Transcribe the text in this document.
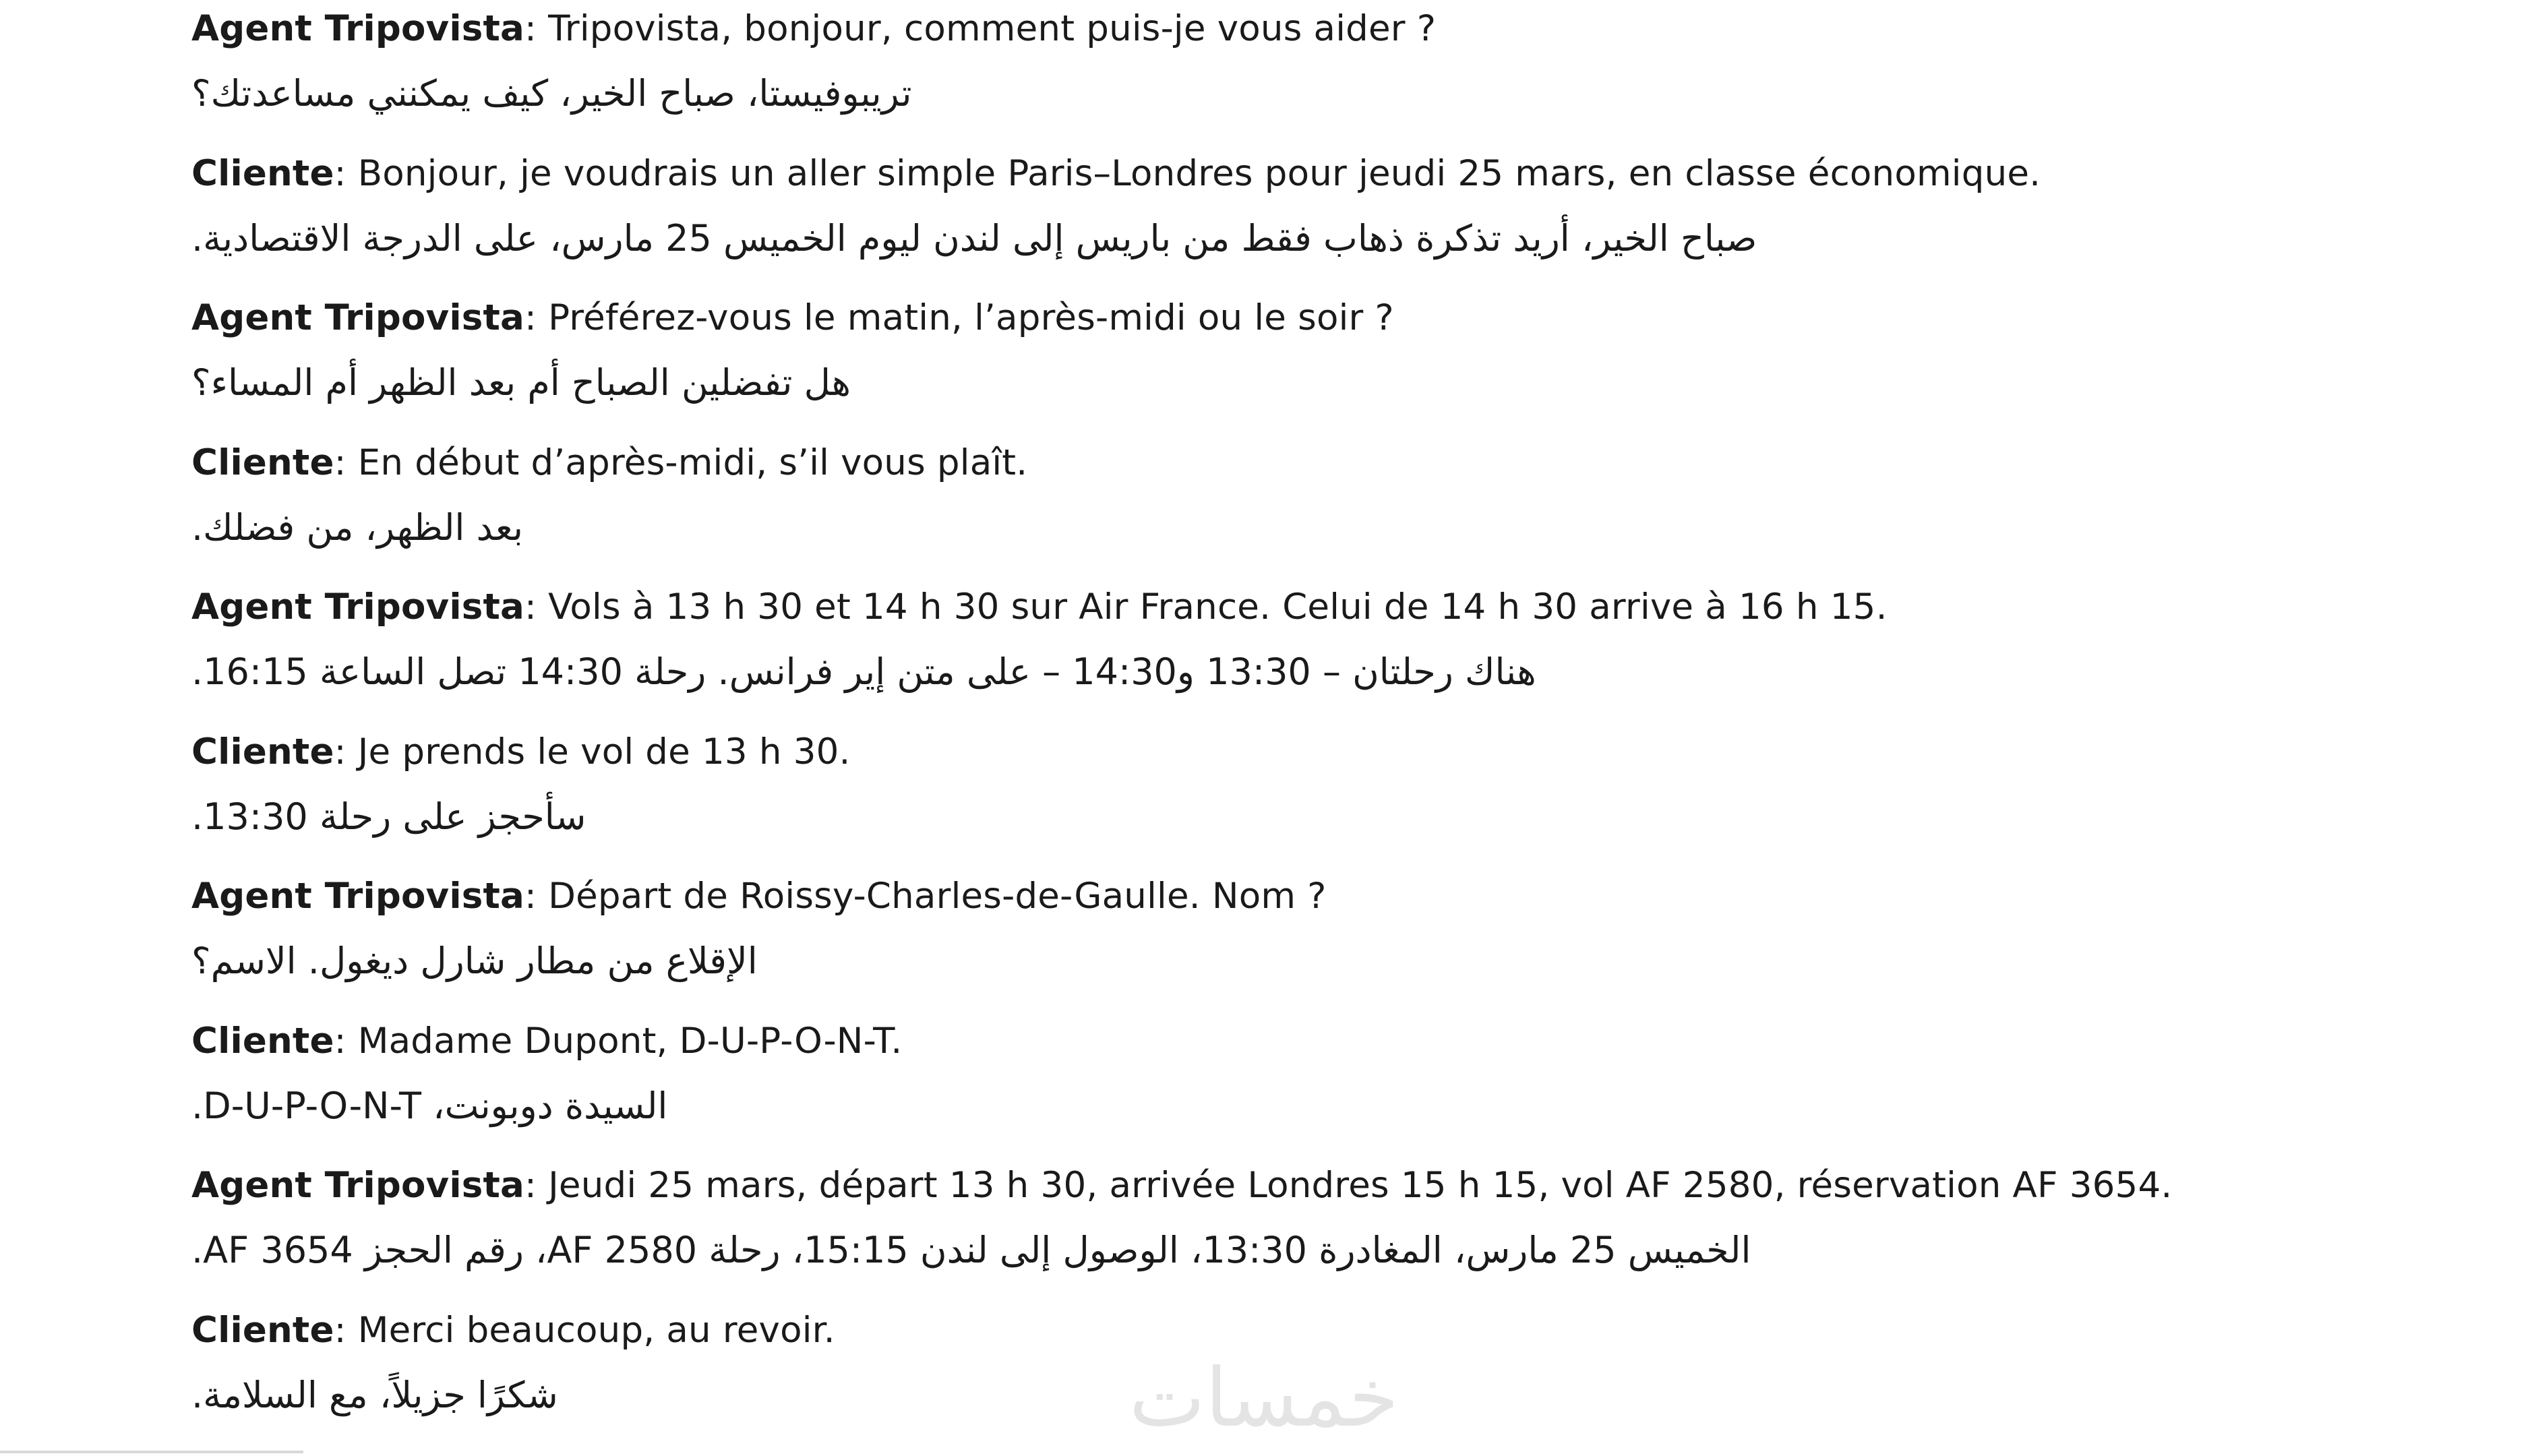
Agent Tripovista: Tripovista, bonjour, comment puis-je vous aider ?
تريبوفيستا، صباح الخير، كيف يمكنني مساعدتك؟
Cliente: Bonjour, je voudrais un aller simple Paris–Londres pour jeudi 25 mars, en classe économique.
صباح الخير، أريد تذكرة ذهاب فقط من باريس إلى لندن ليوم الخميس 25 مارس، على الدرجة الاقتصادية.
Agent Tripovista: Préférez-vous le matin, l’après-midi ou le soir ?
هل تفضلين الصباح أم بعد الظهر أم المساء؟
Cliente: En début d’après-midi, s’il vous plaît.
بعد الظهر، من فضلك.
Agent Tripovista: Vols à 13 h 30 et 14 h 30 sur Air France. Celui de 14 h 30 arrive à 16 h 15.
هناك رحلتان – 13:30 و14:30 – على متن إير فرانس. رحلة 14:30 تصل الساعة 16:15.
Cliente: Je prends le vol de 13 h 30.
سأحجز على رحلة 13:30.
Agent Tripovista: Départ de Roissy-Charles-de-Gaulle. Nom ?
الإقلاع من مطار شارل ديغول. الاسم؟
Cliente: Madame Dupont, D-U-P-O-N-T.
السيدة دوبونت، D-U-P-O-N-T.
Agent Tripovista: Jeudi 25 mars, départ 13 h 30, arrivée Londres 15 h 15, vol AF 2580, réservation AF 3654.
الخميس 25 مارس، المغادرة 13:30، الوصول إلى لندن 15:15، رحلة AF 2580، رقم الحجز AF 3654.
Cliente: Merci beaucoup, au revoir.
شكرًا جزيلاً، مع السلامة.	خمسات
